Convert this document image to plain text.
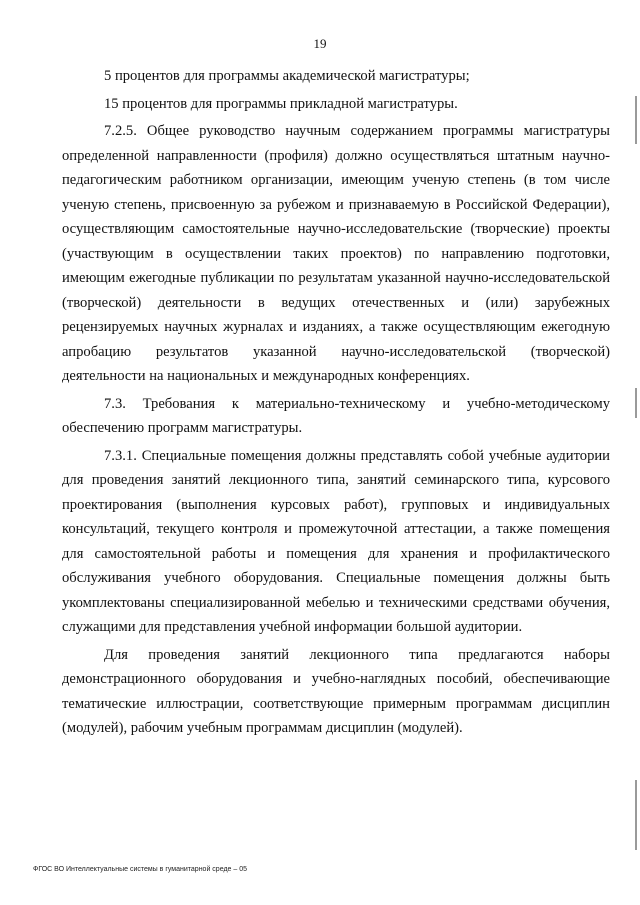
19

5 процентов для программы академической магистратуры;

15 процентов для программы прикладной магистратуры.

7.2.5. Общее руководство научным содержанием программы магистратуры определенной направленности (профиля) должно осуществляться штатным научно-педагогическим работником организации, имеющим ученую степень (в том числе ученую степень, присвоенную за рубежом и признаваемую в Российской Федерации), осуществляющим самостоятельные научно-исследовательские (творческие) проекты (участвующим в осуществлении таких проектов) по направлению подготовки, имеющим ежегодные публикации по результатам указанной научно-исследовательской (творческой) деятельности в ведущих отечественных и (или) зарубежных рецензируемых научных журналах и изданиях, а также осуществляющим ежегодную апробацию результатов указанной научно-исследовательской (творческой) деятельности на национальных и международных конференциях.

7.3. Требования к материально-техническому и учебно-методическому обеспечению программ магистратуры.

7.3.1. Специальные помещения должны представлять собой учебные аудитории для проведения занятий лекционного типа, занятий семинарского типа, курсового проектирования (выполнения курсовых работ), групповых и индивидуальных консультаций, текущего контроля и промежуточной аттестации, а также помещения для самостоятельной работы и помещения для хранения и профилактического обслуживания учебного оборудования. Специальные помещения должны быть укомплектованы специализированной мебелью и техническими средствами обучения, служащими для представления учебной информации большой аудитории.

Для проведения занятий лекционного типа предлагаются наборы демонстрационного оборудования и учебно-наглядных пособий, обеспечивающие тематические иллюстрации, соответствующие примерным программам дисциплин (модулей), рабочим учебным программам дисциплин (модулей).

ФГОС ВО Интеллектуальные системы в гуманитарной среде – 05
